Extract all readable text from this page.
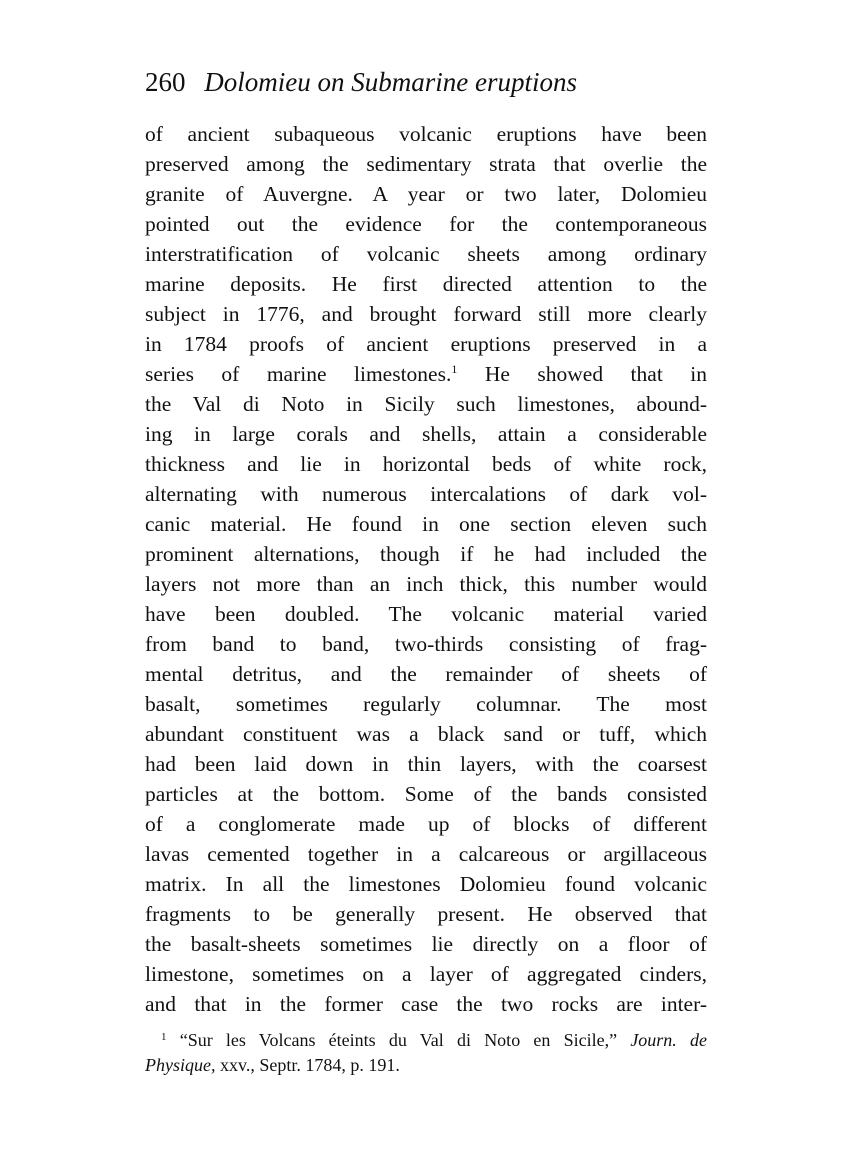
260 Dolomieu on Submarine eruptions
of ancient subaqueous volcanic eruptions have been
preserved among the sedimentary strata that overlie the
granite of Auvergne. A year or two later, Dolomieu
pointed out the evidence for the contemporaneous
interstratification of volcanic sheets among ordinary
marine deposits. He first directed attention to the
subject in 1776, and brought forward still more clearly
in 1784 proofs of ancient eruptions preserved in a
series of marine limestones.$^1$ He showed that in
the Val di Noto in Sicily such limestones, abound-
ing in large corals and shells, attain a considerable
thickness and lie in horizontal beds of white rock,
alternating with numerous intercalations of dark vol-
canic material. He found in one section eleven such
prominent alternations, though if he had included the
layers not more than an inch thick, this number would
have been doubled. The volcanic material varied
from band to band, two-thirds consisting of frag-
mental detritus, and the remainder of sheets of
basalt, sometimes regularly columnar. The most
abundant constituent was a black sand or tuff, which
had been laid down in thin layers, with the coarsest
particles at the bottom. Some of the bands consisted
of a conglomerate made up of blocks of different
lavas cemented together in a calcareous or argillaceous
matrix. In all the limestones Dolomieu found volcanic
fragments to be generally present. He observed that
the basalt-sheets sometimes lie directly on a floor of
limestone, sometimes on a layer of aggregated cinders,
and that in the former case the two rocks are inter-
$^1$ “Sur les Volcans éteints du Val di Noto en Sicile,” Journ. de
Physique, xxv., Septr. 1784, p. 191.
